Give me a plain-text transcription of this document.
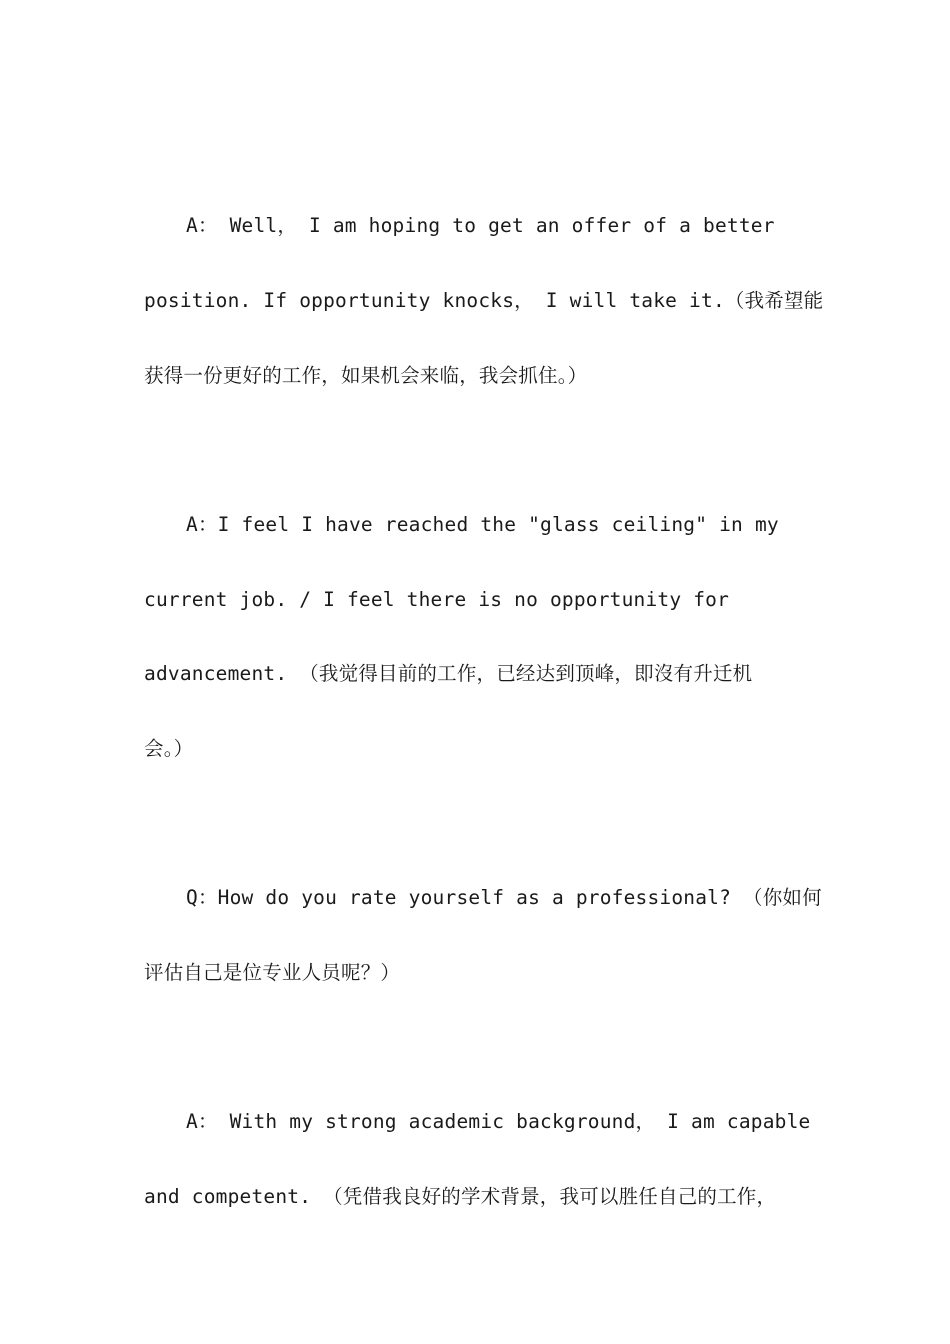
A： Well， I am hoping to get an offer of a better
position. If opportunity knocks， I will take it.（我希望能
获得一份更好的工作，如果机会来临，我会抓住。）
A：I feel I have reached the "glass ceiling" in my
current job. / I feel there is no opportunity for
advancement. （我觉得目前的工作，已经达到顶峰，即沒有升迁机
会。）
Q：How do you rate yourself as a professional? （你如何
评估自己是位专业人员呢？）
A： With my strong academic background， I am capable
and competent. （凭借我良好的学术背景，我可以胜任自己的工作，
